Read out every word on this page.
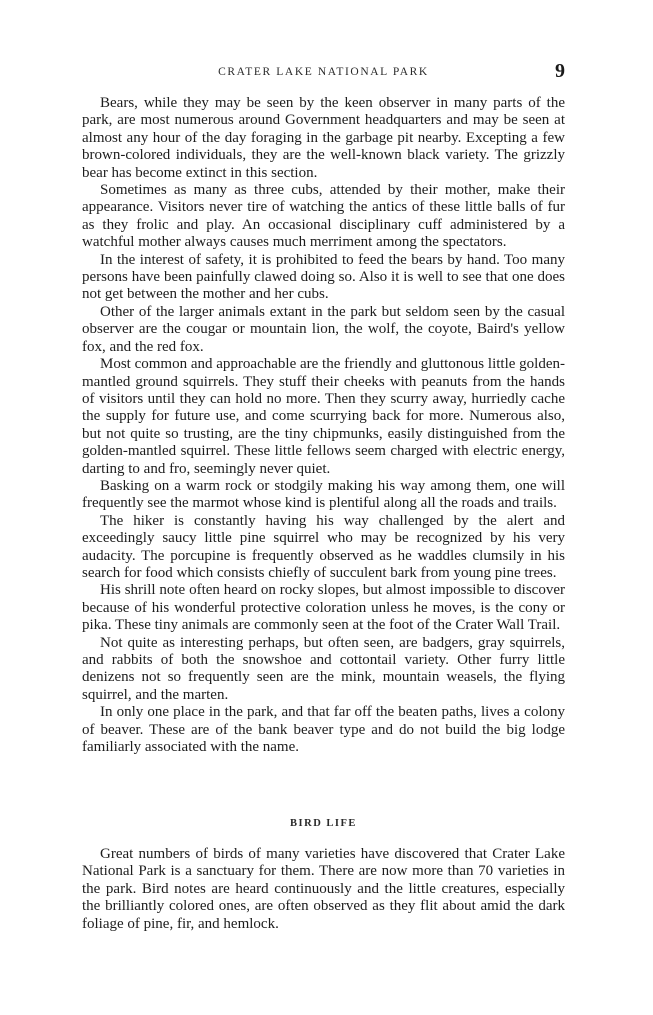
CRATER LAKE NATIONAL PARK	9

Bears, while they may be seen by the keen observer in many parts of the park, are most numerous around Government headquarters and may be seen at almost any hour of the day foraging in the garbage pit nearby. Excepting a few brown-colored individuals, they are the well-known black variety. The grizzly bear has become extinct in this section.

Sometimes as many as three cubs, attended by their mother, make their appearance. Visitors never tire of watching the antics of these little balls of fur as they frolic and play. An occasional disciplinary cuff administered by a watchful mother always causes much merriment among the spectators.

In the interest of safety, it is prohibited to feed the bears by hand. Too many persons have been painfully clawed doing so. Also it is well to see that one does not get between the mother and her cubs.

Other of the larger animals extant in the park but seldom seen by the casual observer are the cougar or mountain lion, the wolf, the coyote, Baird's yellow fox, and the red fox.

Most common and approachable are the friendly and gluttonous little golden-mantled ground squirrels. They stuff their cheeks with peanuts from the hands of visitors until they can hold no more. Then they scurry away, hurriedly cache the supply for future use, and come scurrying back for more. Numerous also, but not quite so trusting, are the tiny chipmunks, easily distinguished from the golden-mantled squirrel. These little fellows seem charged with electric energy, darting to and fro, seemingly never quiet.

Basking on a warm rock or stodgily making his way among them, one will frequently see the marmot whose kind is plentiful along all the roads and trails.

The hiker is constantly having his way challenged by the alert and exceedingly saucy little pine squirrel who may be recognized by his very audacity. The porcupine is frequently observed as he waddles clumsily in his search for food which consists chiefly of succulent bark from young pine trees.

His shrill note often heard on rocky slopes, but almost impossible to discover because of his wonderful protective coloration unless he moves, is the cony or pika. These tiny animals are commonly seen at the foot of the Crater Wall Trail.

Not quite as interesting perhaps, but often seen, are badgers, gray squirrels, and rabbits of both the snowshoe and cottontail variety. Other furry little denizens not so frequently seen are the mink, mountain weasels, the flying squirrel, and the marten.

In only one place in the park, and that far off the beaten paths, lives a colony of beaver. These are of the bank beaver type and do not build the big lodge familiarly associated with the name.

BIRD LIFE

Great numbers of birds of many varieties have discovered that Crater Lake National Park is a sanctuary for them. There are now more than 70 varieties in the park. Bird notes are heard continuously and the little creatures, especially the brilliantly colored ones, are often observed as they flit about amid the dark foliage of pine, fir, and hemlock.
